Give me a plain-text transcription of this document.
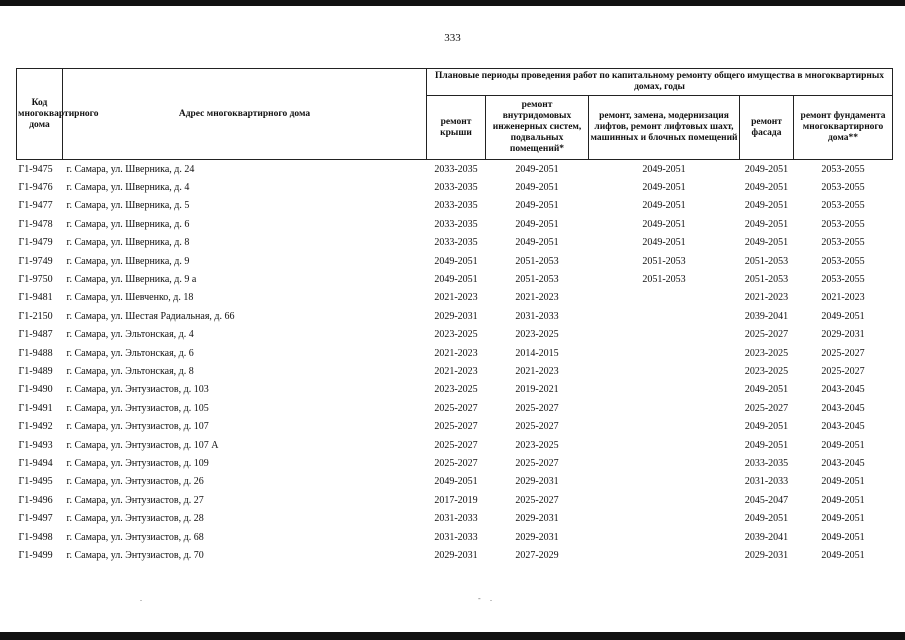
333
Код многоквартирного дома	Адрес многоквартирного дома	Плановые периоды проведения работ по капитальному ремонту общего имущества в многоквартирных домах, годы				
		ремонт крыши	ремонт внутридомовых инженерных систем, подвальных помещений*	ремонт, замена, модернизация лифтов, ремонт лифтовых шахт, машинных и блочных помещений	ремонт фасада	ремонт фундамента многоквартирного дома**
Г1-9475	г. Самара, ул. Шверника, д. 24	2033-2035	2049-2051	2049-2051	2049-2051	2053-2055
Г1-9476	г. Самара, ул. Шверника, д. 4	2033-2035	2049-2051	2049-2051	2049-2051	2053-2055
Г1-9477	г. Самара, ул. Шверника, д. 5	2033-2035	2049-2051	2049-2051	2049-2051	2053-2055
Г1-9478	г. Самара, ул. Шверника, д. 6	2033-2035	2049-2051	2049-2051	2049-2051	2053-2055
Г1-9479	г. Самара, ул. Шверника, д. 8	2033-2035	2049-2051	2049-2051	2049-2051	2053-2055
Г1-9749	г. Самара, ул. Шверника, д. 9	2049-2051	2051-2053	2051-2053	2051-2053	2053-2055
Г1-9750	г. Самара, ул. Шверника, д. 9 а	2049-2051	2051-2053	2051-2053	2051-2053	2053-2055
Г1-9481	г. Самара, ул. Шевченко, д. 18	2021-2023	2021-2023		2021-2023	2021-2023
Г1-2150	г. Самара, ул. Шестая Радиальная, д. 66	2029-2031	2031-2033		2039-2041	2049-2051
Г1-9487	г. Самара, ул. Эльтонская, д. 4	2023-2025	2023-2025		2025-2027	2029-2031
Г1-9488	г. Самара, ул. Эльтонская, д. 6	2021-2023	2014-2015		2023-2025	2025-2027
Г1-9489	г. Самара, ул. Эльтонская, д. 8	2021-2023	2021-2023		2023-2025	2025-2027
Г1-9490	г. Самара, ул. Энтузиастов, д. 103	2023-2025	2019-2021		2049-2051	2043-2045
Г1-9491	г. Самара, ул. Энтузиастов, д. 105	2025-2027	2025-2027		2025-2027	2043-2045
Г1-9492	г. Самара, ул. Энтузиастов, д. 107	2025-2027	2025-2027		2049-2051	2043-2045
Г1-9493	г. Самара, ул. Энтузиастов, д. 107 А	2025-2027	2023-2025		2049-2051	2049-2051
Г1-9494	г. Самара, ул. Энтузиастов, д. 109	2025-2027	2025-2027		2033-2035	2043-2045
Г1-9495	г. Самара, ул. Энтузиастов, д. 26	2049-2051	2029-2031		2031-2033	2049-2051
Г1-9496	г. Самара, ул. Энтузиастов, д. 27	2017-2019	2025-2027		2045-2047	2049-2051
Г1-9497	г. Самара, ул. Энтузиастов, д. 28	2031-2033	2029-2031		2049-2051	2049-2051
Г1-9498	г. Самара, ул. Энтузиастов, д. 68	2031-2033	2029-2031		2039-2041	2049-2051
Г1-9499	г. Самара, ул. Энтузиастов, д. 70	2029-2031	2027-2029		2029-2031	2049-2051
.	- .
